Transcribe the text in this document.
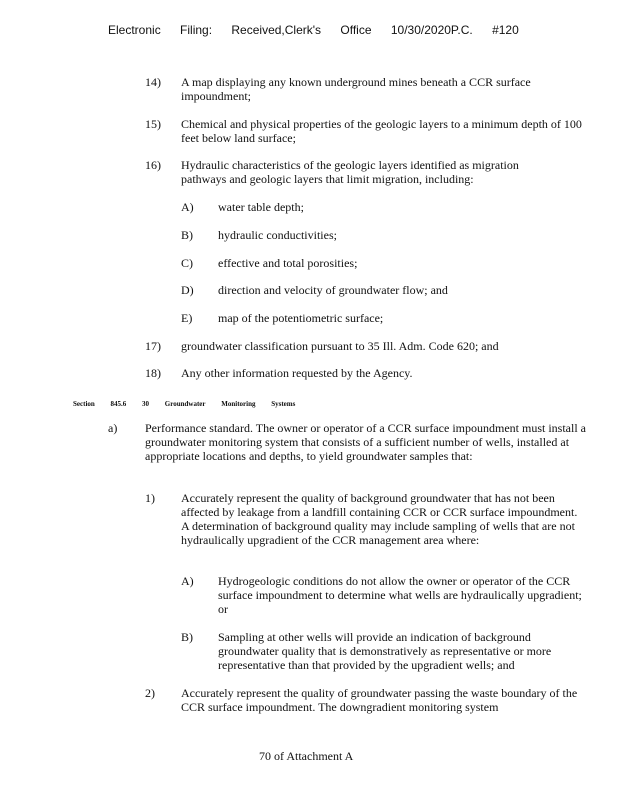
Electronic Filing: Received,Clerk's Office 10/30/2020P.C. #120
14) A map displaying any known underground mines beneath a CCR surface impoundment;
15) Chemical and physical properties of the geologic layers to a minimum depth of 100 feet below land surface;
16) Hydraulic characteristics of the geologic layers identified as migration pathways and geologic layers that limit migration, including:
A) water table depth;
B) hydraulic conductivities;
C) effective and total porosities;
D) direction and velocity of groundwater flow; and
E) map of the potentiometric surface;
17) groundwater classification pursuant to 35 Ill. Adm. Code 620; and
18) Any other information requested by the Agency.
Section 845.6 30 Groundwater Monitoring Systems
a) Performance standard. The owner or operator of a CCR surface impoundment must install a groundwater monitoring system that consists of a sufficient number of wells, installed at appropriate locations and depths, to yield groundwater samples that:
1) Accurately represent the quality of background groundwater that has not been affected by leakage from a landfill containing CCR or CCR surface impoundment. A determination of background quality may include sampling of wells that are not hydraulically upgradient of the CCR management area where:
A) Hydrogeologic conditions do not allow the owner or operator of the CCR surface impoundment to determine what wells are hydraulically upgradient; or
B) Sampling at other wells will provide an indication of background groundwater quality that is demonstratively as representative or more representative than that provided by the upgradient wells; and
2) Accurately represent the quality of groundwater passing the waste boundary of the CCR surface impoundment. The downgradient monitoring system
70 of Attachment A
